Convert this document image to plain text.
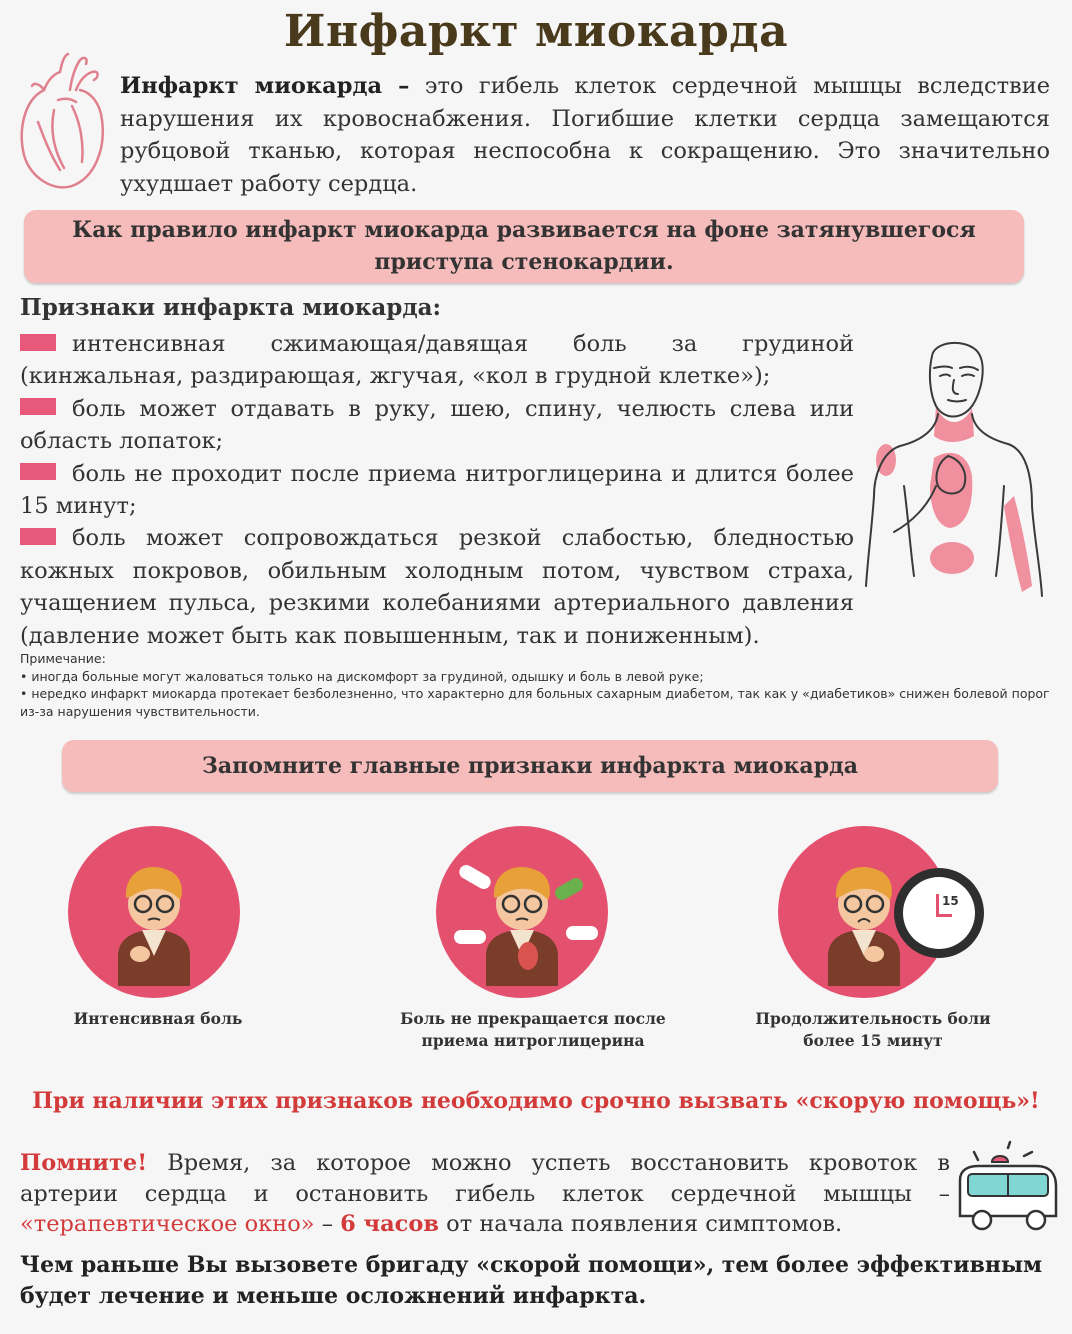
Инфаркт миокарда
Инфаркт миокарда – это гибель клеток сердечной мышцы вследствие нарушения их кровоснабжения. Погибшие клетки сердца замещаются рубцовой тканью, которая неспособна к сокращению. Это значительно ухудшает работу сердца.
Как правило инфаркт миокарда развивается на фоне затянувшегося
приступа стенокардии.
Признаки инфаркта миокарда:
интенсивная сжимающая/давящая боль за грудиной (кинжальная, раздирающая, жгучая, «кол в грудной клетке»);
боль может отдавать в руку, шею, спину, челюсть слева или область лопаток;
боль не проходит после приема нитроглицерина и длится более 15 минут;
боль может сопровождаться резкой слабостью, бледностью кожных покровов, обильным холодным потом, чувством страха, учащением пульса, резкими колебаниями артериального давления (давление может быть как повышенным, так и пониженным).
Примечание:
• иногда больные могут жаловаться только на дискомфорт за грудиной, одышку и боль в левой руке;
• нередко инфаркт миокарда протекает безболезненно, что характерно для больных сахарным диабетом, так как у «диабетиков» снижен болевой порог из-за нарушения чувствительности.
Запомните главные признаки инфаркта миокарда
Интенсивная боль	Боль не прекращается после
приема нитроглицерина
15
Продолжительность боли
более 15 минут
При наличии этих признаков необходимо срочно вызвать «скорую помощь»!
Помните! Время, за которое можно успеть восстановить кровоток в артерии сердца и остановить гибель клеток сердечной мышцы – «терапевтическое окно» – 6 часов от начала появления симптомов.
Чем раньше Вы вызовете бригаду «скорой помощи», тем более эффективным будет лечение и меньше осложнений инфаркта.
